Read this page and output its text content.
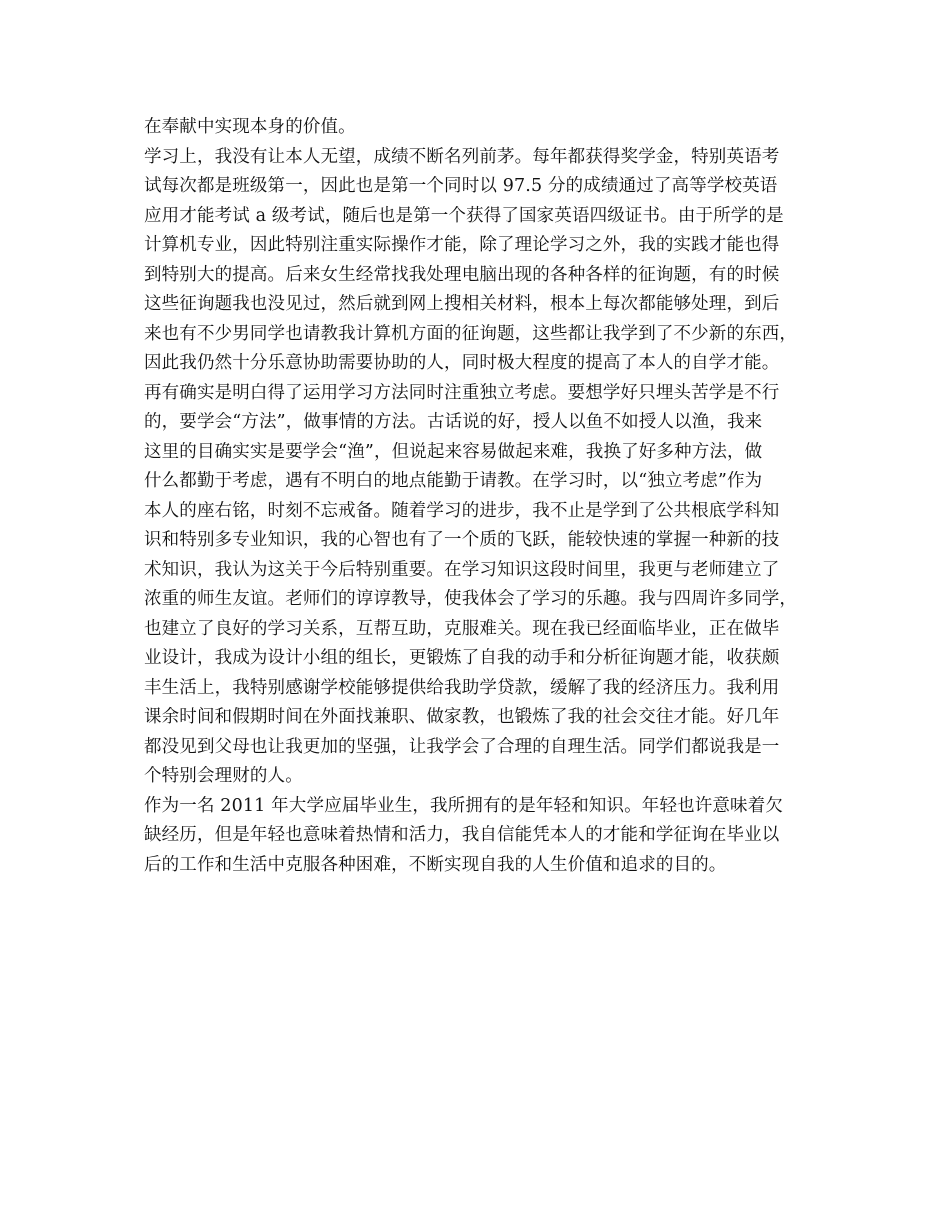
在奉献中实现本身的价值。
学习上，我没有让本人无望，成绩不断名列前茅。每年都获得奖学金，特别英语考
试每次都是班级第一，因此也是第一个同时以 97.5 分的成绩通过了高等学校英语
应用才能考试 a 级考试，随后也是第一个获得了国家英语四级证书。由于所学的是
计算机专业，因此特别注重实际操作才能，除了理论学习之外，我的实践才能也得
到特别大的提高。后来女生经常找我处理电脑出现的各种各样的征询题，有的时候
这些征询题我也没见过，然后就到网上搜相关材料，根本上每次都能够处理，到后
来也有不少男同学也请教我计算机方面的征询题，这些都让我学到了不少新的东西，
因此我仍然十分乐意协助需要协助的人，同时极大程度的提高了本人的自学才能。
再有确实是明白得了运用学习方法同时注重独立考虑。要想学好只埋头苦学是不行
的，要学会“方法”，做事情的方法。古话说的好，授人以鱼不如授人以渔，我来
这里的目确实实是要学会“渔”，但说起来容易做起来难，我换了好多种方法，做
什么都勤于考虑，遇有不明白的地点能勤于请教。在学习时，以“独立考虑”作为
本人的座右铭，时刻不忘戒备。随着学习的进步，我不止是学到了公共根底学科知
识和特别多专业知识，我的心智也有了一个质的飞跃，能较快速的掌握一种新的技
术知识，我认为这关于今后特别重要。在学习知识这段时间里，我更与老师建立了
浓重的师生友谊。老师们的谆谆教导，使我体会了学习的乐趣。我与四周许多同学，
也建立了良好的学习关系，互帮互助，克服难关。现在我已经面临毕业，正在做毕
业设计，我成为设计小组的组长，更锻炼了自我的动手和分析征询题才能，收获颇
丰生活上，我特别感谢学校能够提供给我助学贷款，缓解了我的经济压力。我利用
课余时间和假期时间在外面找兼职、做家教，也锻炼了我的社会交往才能。好几年
都没见到父母也让我更加的坚强，让我学会了合理的自理生活。同学们都说我是一
个特别会理财的人。
作为一名 2011 年大学应届毕业生，我所拥有的是年轻和知识。年轻也许意味着欠
缺经历，但是年轻也意味着热情和活力，我自信能凭本人的才能和学征询在毕业以
后的工作和生活中克服各种困难，不断实现自我的人生价值和追求的目的。
